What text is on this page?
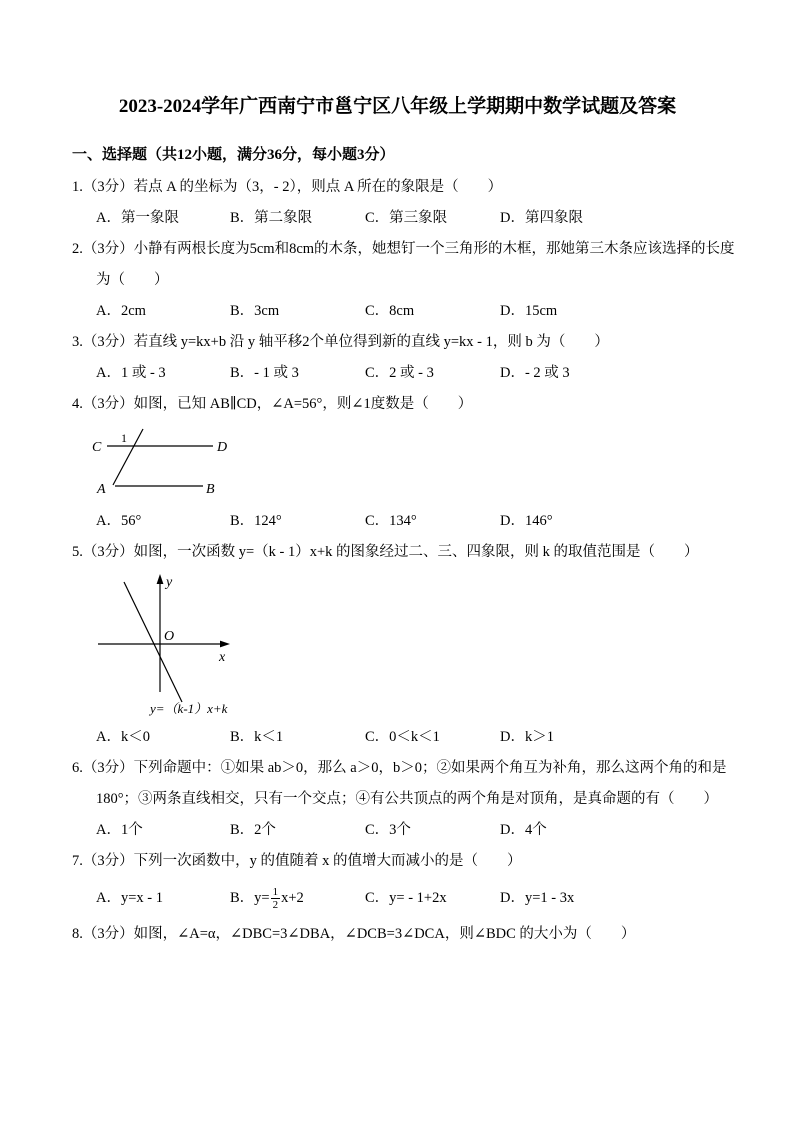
2023-2024学年广西南宁市邕宁区八年级上学期期中数学试题及答案
一、选择题（共12小题，满分36分，每小题3分）
1.（3分）若点 A 的坐标为（3，- 2），则点 A 所在的象限是（　　）
A．第一象限	B．第二象限	C．第三象限	D．第四象限
2.（3分）小静有两根长度为5cm和8cm的木条，她想钉一个三角形的木框，那她第三木条应该选择的长度
为（　　）
A．2cm	B．3cm	C．8cm	D．15cm
3.（3分）若直线 y=kx+b 沿 y 轴平移2个单位得到新的直线 y=kx - 1，则 b 为（　　）
A．1 或 - 3	B．- 1 或 3	C．2 或 - 3	D．- 2 或 3
4.（3分）如图，已知 AB∥CD，∠A=56°，则∠1度数是（　　）
C	D
1
A	B
A．56°	B．124°	C．134°	D．146°
5.（3分）如图，一次函数 y=（k - 1）x+k 的图象经过二、三、四象限，则 k 的取值范围是（　　）
y
x
O
y=（k-1）x+k
A．k＜0	B．k＜1	C．0＜k＜1	D．k＞1
6.（3分）下列命题中：①如果 ab＞0，那么 a＞0，b＞0；②如果两个角互为补角，那么这两个角的和是
180°；③两条直线相交，只有一个交点；④有公共顶点的两个角是对顶角，是真命题的有（　　）
A．1个	B．2个	C．3个	D．4个
7.（3分）下列一次函数中，y 的值随着 x 的值增大而减小的是（　　）
A．y=x - 1	B．$y= \frac{1}{2} x+2$	C．y= - 1+2x	D．y=1 - 3x
8.（3分）如图，∠A=α，∠DBC=3∠DBA，∠DCB=3∠DCA，则∠BDC 的大小为（　　）
